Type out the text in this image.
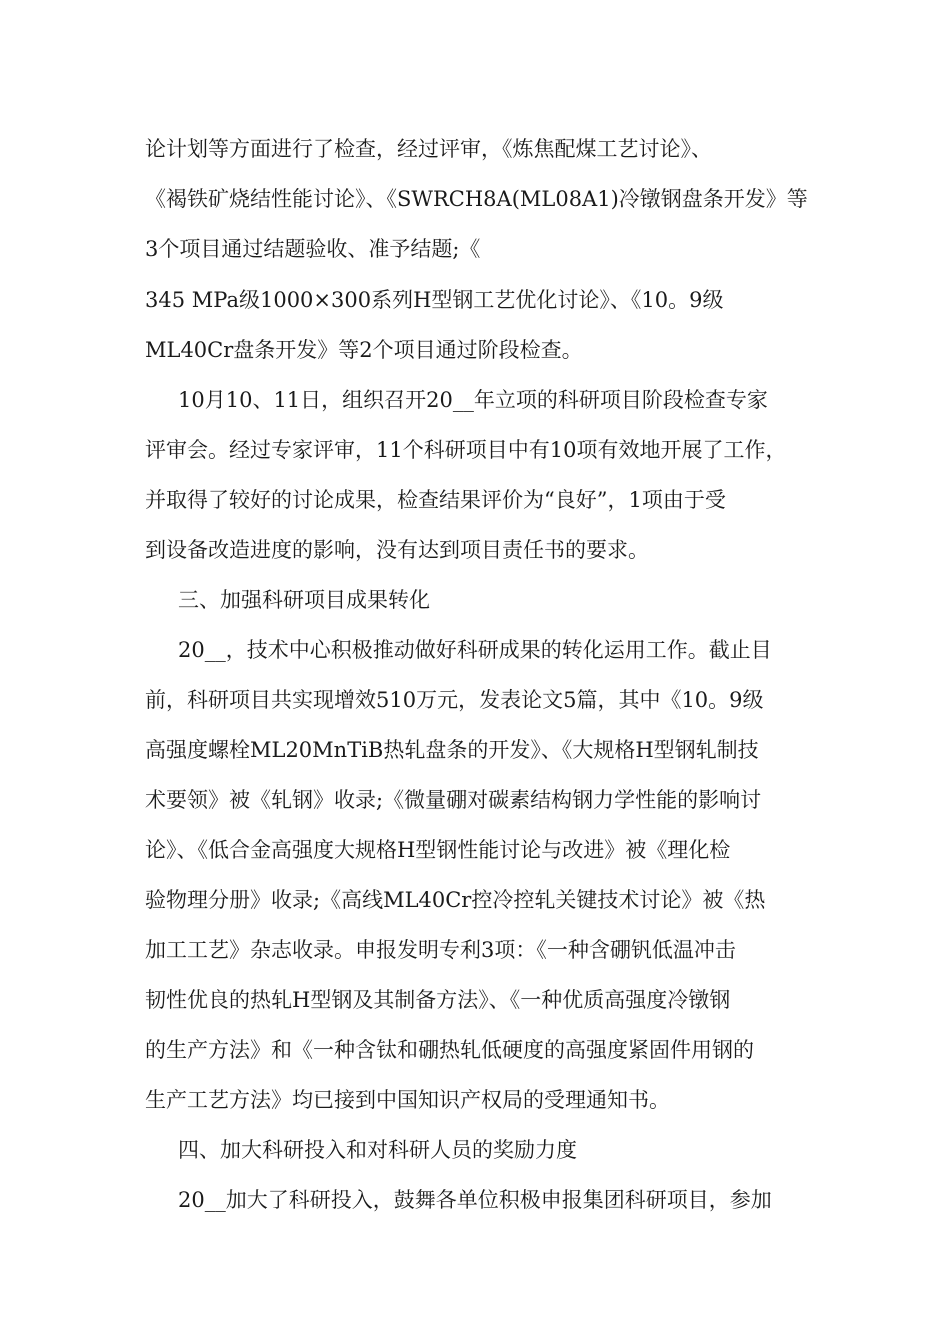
论计划等方面进行了检查，经过评审，《炼焦配煤工艺讨论》、
《褐铁矿烧结性能讨论》、《SWRCH8A(ML08A1)冷镦钢盘条开发》等
3个项目通过结题验收、准予结题;《
345 MPa级1000×300系列H型钢工艺优化讨论》、《10。9级
ML40Cr盘条开发》等2个项目通过阶段检查。
10月10、11日，组织召开20__年立项的科研项目阶段检查专家
评审会。经过专家评审，11个科研项目中有10项有效地开展了工作，
并取得了较好的讨论成果，检查结果评价为“良好”，1项由于受
到设备改造进度的影响，没有达到项目责任书的要求。
三、加强科研项目成果转化
20__，技术中心积极推动做好科研成果的转化运用工作。截止目
前，科研项目共实现增效510万元，发表论文5篇，其中《10。9级
高强度螺栓ML20MnTiB热轧盘条的开发》、《大规格H型钢轧制技
术要领》被《轧钢》收录;《微量硼对碳素结构钢力学性能的影响讨
论》、《低合金高强度大规格H型钢性能讨论与改进》被《理化检
验物理分册》收录;《高线ML40Cr控冷控轧关键技术讨论》被《热
加工工艺》杂志收录。申报发明专利3项：《一种含硼钒低温冲击
韧性优良的热轧H型钢及其制备方法》、《一种优质高强度冷镦钢
的生产方法》和《一种含钛和硼热轧低硬度的高强度紧固件用钢的
生产工艺方法》均已接到中国知识产权局的受理通知书。
四、加大科研投入和对科研人员的奖励力度
20__加大了科研投入，鼓舞各单位积极申报集团科研项目，参加
